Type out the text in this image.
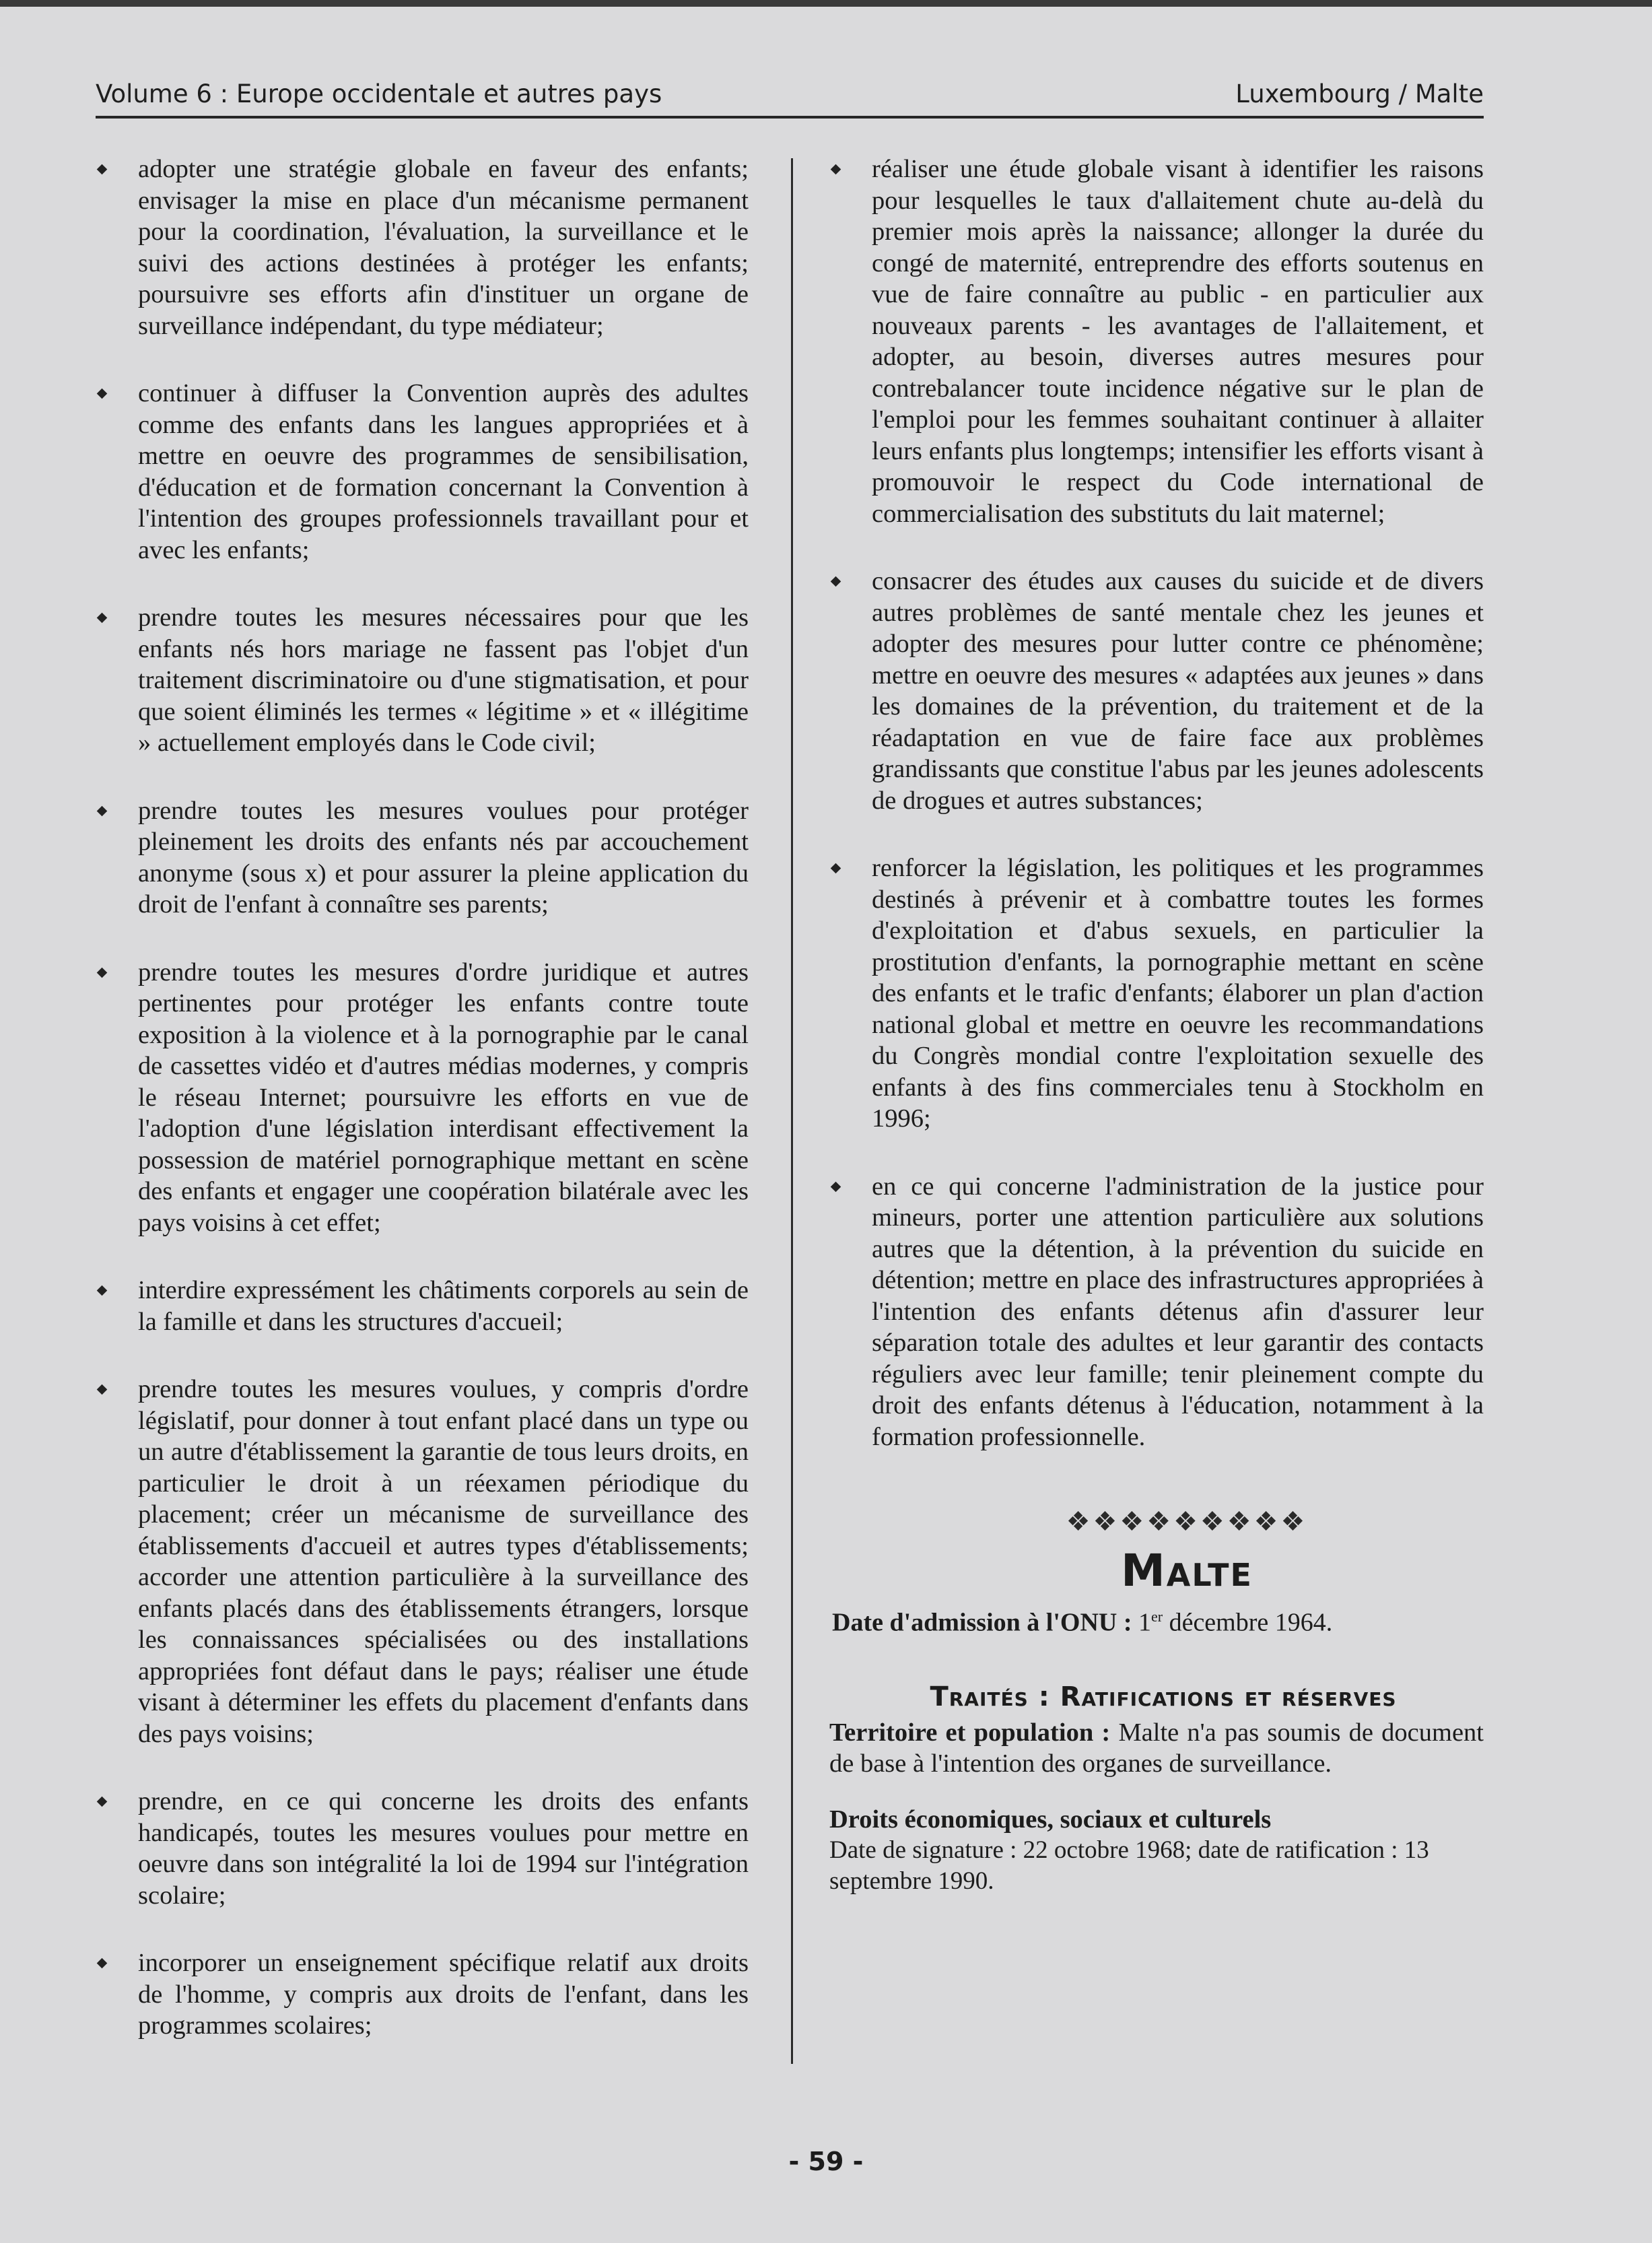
Volume 6 : Europe occidentale et autres pays	Luxembourg / Malte
adopter une stratégie globale en faveur des enfants; envisager la mise en place d'un mécanisme permanent pour la coordination, l'évaluation, la surveillance et le suivi des actions destinées à protéger les enfants; poursuivre ses efforts afin d'instituer un organe de surveillance indépendant, du type médiateur;
continuer à diffuser la Convention auprès des adultes comme des enfants dans les langues appropriées et à mettre en oeuvre des programmes de sensibilisation, d'éducation et de formation concernant la Convention à l'intention des groupes professionnels travaillant pour et avec les enfants;
prendre toutes les mesures nécessaires pour que les enfants nés hors mariage ne fassent pas l'objet d'un traitement discriminatoire ou d'une stigmatisation, et pour que soient éliminés les termes « légitime » et « illégitime » actuellement employés dans le Code civil;
prendre toutes les mesures voulues pour protéger pleinement les droits des enfants nés par accouchement anonyme (sous x) et pour assurer la pleine application du droit de l'enfant à connaître ses parents;
prendre toutes les mesures d'ordre juridique et autres pertinentes pour protéger les enfants contre toute exposition à la violence et à la pornographie par le canal de cassettes vidéo et d'autres médias modernes, y compris le réseau Internet; poursuivre les efforts en vue de l'adoption d'une législation interdisant effectivement la possession de matériel pornographique mettant en scène des enfants et engager une coopération bilatérale avec les pays voisins à cet effet;
interdire expressément les châtiments corporels au sein de la famille et dans les structures d'accueil;
prendre toutes les mesures voulues, y compris d'ordre législatif, pour donner à tout enfant placé dans un type ou un autre d'établissement la garantie de tous leurs droits, en particulier le droit à un réexamen périodique du placement; créer un mécanisme de surveillance des établissements d'accueil et autres types d'établissements; accorder une attention particulière à la surveillance des enfants placés dans des établissements étrangers, lorsque les connaissances spécialisées ou des installations appropriées font défaut dans le pays; réaliser une étude visant à déterminer les effets du placement d'enfants dans des pays voisins;
prendre, en ce qui concerne les droits des enfants handicapés, toutes les mesures voulues pour mettre en oeuvre dans son intégralité la loi de 1994 sur l'intégration scolaire;
incorporer un enseignement spécifique relatif aux droits de l'homme, y compris aux droits de l'enfant, dans les programmes scolaires;
réaliser une étude globale visant à identifier les raisons pour lesquelles le taux d'allaitement chute au-delà du premier mois après la naissance; allonger la durée du congé de maternité, entreprendre des efforts soutenus en vue de faire connaître au public - en particulier aux nouveaux parents - les avantages de l'allaitement, et adopter, au besoin, diverses autres mesures pour contrebalancer toute incidence négative sur le plan de l'emploi pour les femmes souhaitant continuer à allaiter leurs enfants plus longtemps; intensifier les efforts visant à promouvoir le respect du Code international de commercialisation des substituts du lait maternel;
consacrer des études aux causes du suicide et de divers autres problèmes de santé mentale chez les jeunes et adopter des mesures pour lutter contre ce phénomène; mettre en oeuvre des mesures « adaptées aux jeunes » dans les domaines de la prévention, du traitement et de la réadaptation en vue de faire face aux problèmes grandissants que constitue l'abus par les jeunes adolescents de drogues et autres substances;
renforcer la législation, les politiques et les programmes destinés à prévenir et à combattre toutes les formes d'exploitation et d'abus sexuels, en particulier la prostitution d'enfants, la pornographie mettant en scène des enfants et le trafic d'enfants; élaborer un plan d'action national global et mettre en oeuvre les recommandations du Congrès mondial contre l'exploitation sexuelle des enfants à des fins commerciales tenu à Stockholm en 1996;
en ce qui concerne l'administration de la justice pour mineurs, porter une attention particulière aux solutions autres que la détention, à la prévention du suicide en détention; mettre en place des infrastructures appropriées à l'intention des enfants détenus afin d'assurer leur séparation totale des adultes et leur garantir des contacts réguliers avec leur famille; tenir pleinement compte du droit des enfants détenus à l'éducation, notamment à la formation professionnelle.
❖❖❖❖❖❖❖❖❖
Malte
Date d'admission à l'ONU : 1er décembre 1964.
Traités : Ratifications et réserves

Territoire et population : Malte n'a pas soumis de document de base à l'intention des organes de surveillance.

Droits économiques, sociaux et culturels
Date de signature : 22 octobre 1968; date de ratification : 13 septembre 1990.
- 59 -
